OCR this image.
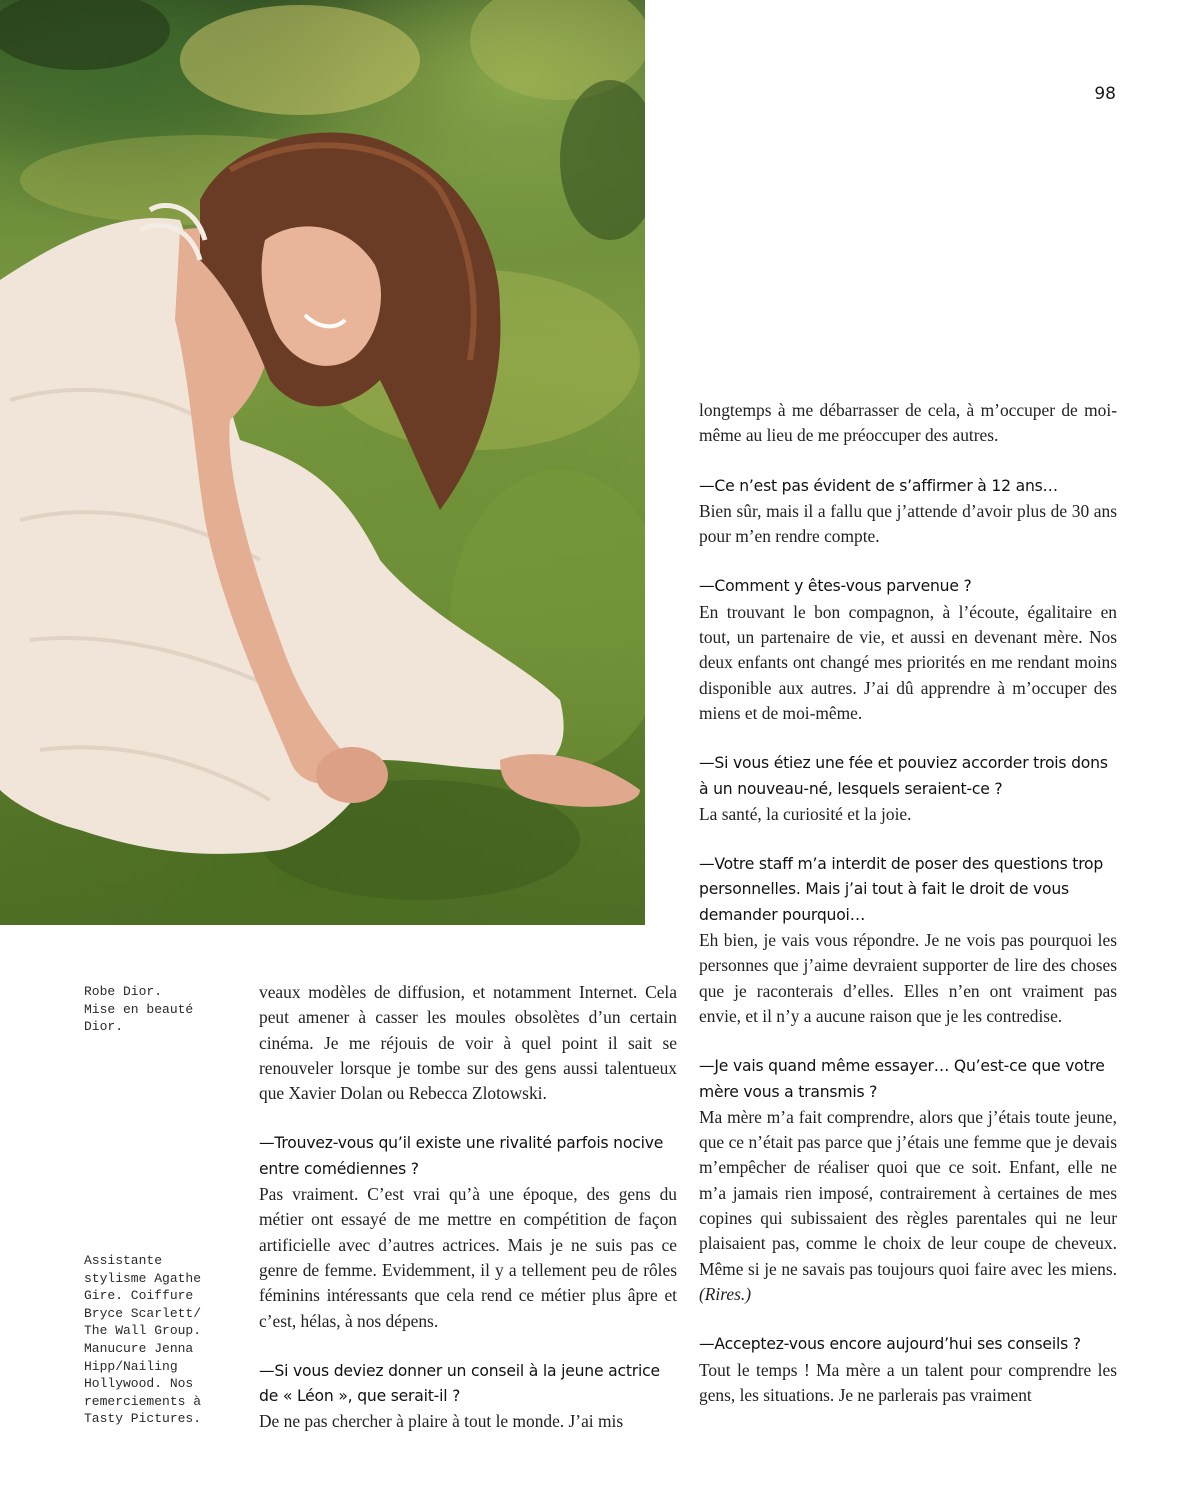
98

Robe Dior.
Mise en beauté
Dior.

Assistante
stylisme Agathe
Gire. Coiffure
Bryce Scarlett/
The Wall Group.
Manucure Jenna
Hipp/Nailing
Hollywood. Nos
remerciements à
Tasty Pictures.

veaux modèles de diffusion, et notamment Internet. Cela peut amener à casser les moules obsolètes d’un certain cinéma. Je me réjouis de voir à quel point il sait se renouveler lorsque je tombe sur des gens aussi talentueux que Xavier Dolan ou Rebecca Zlotowski.

—Trouvez-vous qu’il existe une rivalité parfois nocive entre comédiennes ?

Pas vraiment. C’est vrai qu’à une époque, des gens du métier ont essayé de me mettre en compétition de façon artificielle avec d’autres actrices. Mais je ne suis pas ce genre de femme. Evidemment, il y a tellement peu de rôles féminins intéressants que cela rend ce métier plus âpre et c’est, hélas, à nos dépens.

—Si vous deviez donner un conseil à la jeune actrice de « Léon », que serait-il ?

De ne pas chercher à plaire à tout le monde. J’ai mis

longtemps à me débarrasser de cela, à m’occuper de moi-même au lieu de me préoccuper des autres.

—Ce n’est pas évident de s’affirmer à 12 ans…

Bien sûr, mais il a fallu que j’attende d’avoir plus de 30 ans pour m’en rendre compte.

—Comment y êtes-vous parvenue ?

En trouvant le bon compagnon, à l’écoute, égalitaire en tout, un partenaire de vie, et aussi en devenant mère. Nos deux enfants ont changé mes priorités en me rendant moins disponible aux autres. J’ai dû apprendre à m’occuper des miens et de moi-même.

—Si vous étiez une fée et pouviez accorder trois dons à un nouveau-né, lesquels seraient-ce ?

La santé, la curiosité et la joie.

—Votre staff m’a interdit de poser des questions trop personnelles. Mais j’ai tout à fait le droit de vous demander pourquoi…

Eh bien, je vais vous répondre. Je ne vois pas pourquoi les personnes que j’aime devraient supporter de lire des choses que je raconterais d’elles. Elles n’en ont vraiment pas envie, et il n’y a aucune raison que je les contredise.

—Je vais quand même essayer… Qu’est-ce que votre mère vous a transmis ?

Ma mère m’a fait comprendre, alors que j’étais toute jeune, que ce n’était pas parce que j’étais une femme que je devais m’empêcher de réaliser quoi que ce soit. Enfant, elle ne m’a jamais rien imposé, contrairement à certaines de mes copines qui subissaient des règles parentales qui ne leur plaisaient pas, comme le choix de leur coupe de cheveux. Même si je ne savais pas toujours quoi faire avec les miens. (Rires.)

—Acceptez-vous encore aujourd’hui ses conseils ?

Tout le temps ! Ma mère a un talent pour comprendre les gens, les situations. Je ne parlerais pas vraiment
